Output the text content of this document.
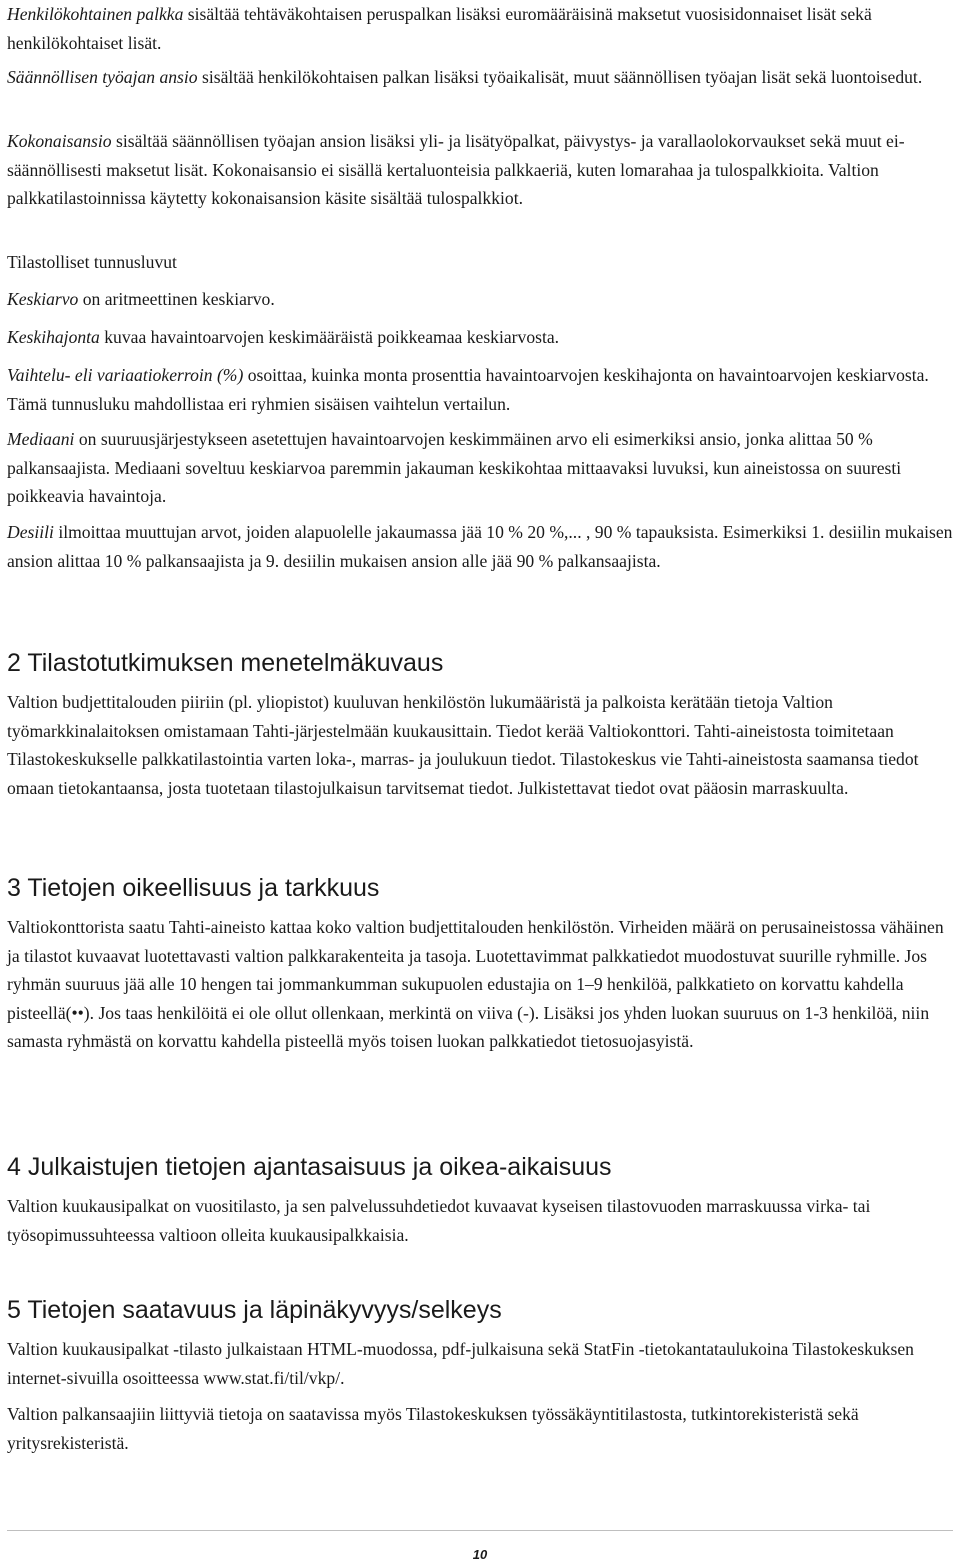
Henkilökohtainen palkka sisältää tehtäväkohtaisen peruspalkan lisäksi euromääräisinä maksetut vuosisidonnaiset lisät sekä henkilökohtaiset lisät.

Säännöllisen työajan ansio sisältää henkilökohtaisen palkan lisäksi työaikalisät, muut säännöllisen työajan lisät sekä luontoisedut.

Kokonaisansio sisältää säännöllisen työajan ansion lisäksi yli- ja lisätyöpalkat, päivystys- ja varallaolokorvaukset sekä muut ei-säännöllisesti maksetut lisät. Kokonaisansio ei sisällä kertaluonteisia palkkaeriä, kuten lomarahaa ja tulospalkkioita. Valtion palkkatilastoinnissa käytetty kokonaisansion käsite sisältää tulospalkkiot.

Tilastolliset tunnusluvut

Keskiarvo on aritmeettinen keskiarvo.

Keskihajonta kuvaa havaintoarvojen keskimääräistä poikkeamaa keskiarvosta.

Vaihtelu- eli variaatiokerroin (%) osoittaa, kuinka monta prosenttia havaintoarvojen keskihajonta on havaintoarvojen keskiarvosta. Tämä tunnusluku mahdollistaa eri ryhmien sisäisen vaihtelun vertailun.

Mediaani on suuruusjärjestykseen asetettujen havaintoarvojen keskimmäinen arvo eli esimerkiksi ansio, jonka alittaa 50 % palkansaajista. Mediaani soveltuu keskiarvoa paremmin jakauman keskikohtaa mittaavaksi luvuksi, kun aineistossa on suuresti poikkeavia havaintoja.

Desiili ilmoittaa muuttujan arvot, joiden alapuolelle jakaumassa jää 10 % 20 %,... , 90 % tapauksista. Esimerkiksi 1. desiilin mukaisen ansion alittaa 10 % palkansaajista ja 9. desiilin mukaisen ansion alle jää 90 % palkansaajista.

2 Tilastotutkimuksen menetelmäkuvaus

Valtion budjettitalouden piiriin (pl. yliopistot) kuuluvan henkilöstön lukumääristä ja palkoista kerätään tietoja Valtion työmarkkinalaitoksen omistamaan Tahti-järjestelmään kuukausittain. Tiedot kerää Valtiokonttori. Tahti-aineistosta toimitetaan Tilastokeskukselle palkkatilastointia varten loka-, marras- ja joulukuun tiedot. Tilastokeskus vie Tahti-aineistosta saamansa tiedot omaan tietokantaansa, josta tuotetaan tilastojulkaisun tarvitsemat tiedot. Julkistettavat tiedot ovat pääosin marraskuulta.

3 Tietojen oikeellisuus ja tarkkuus

Valtiokonttorista saatu Tahti-aineisto kattaa koko valtion budjettitalouden henkilöstön. Virheiden määrä on perusaineistossa vähäinen ja tilastot kuvaavat luotettavasti valtion palkkarakenteita ja tasoja. Luotettavimmat palkkatiedot muodostuvat suurille ryhmille. Jos ryhmän suuruus jää alle 10 hengen tai jommankumman sukupuolen edustajia on 1–9 henkilöä, palkkatieto on korvattu kahdella pisteellä(••). Jos taas henkilöitä ei ole ollut ollenkaan, merkintä on viiva (-). Lisäksi jos yhden luokan suuruus on 1-3 henkilöä, niin samasta ryhmästä on korvattu kahdella pisteellä myös toisen luokan palkkatiedot tietosuojasyistä.

4 Julkaistujen tietojen ajantasaisuus ja oikea-aikaisuus

Valtion kuukausipalkat on vuositilasto, ja sen palvelussuhdetiedot kuvaavat kyseisen tilastovuoden marraskuussa virka- tai työsopimussuhteessa valtioon olleita kuukausipalkkaisia.

5 Tietojen saatavuus ja läpinäkyvyys/selkeys

Valtion kuukausipalkat -tilasto julkaistaan HTML-muodossa, pdf-julkaisuna sekä StatFin -tietokantataulukoina Tilastokeskuksen internet-sivuilla osoitteessa www.stat.fi/til/vkp/.

Valtion palkansaajiin liittyviä tietoja on saatavissa myös Tilastokeskuksen työssäkäyntitilastosta, tutkintorekisteristä sekä yritysrekisteristä.

10
